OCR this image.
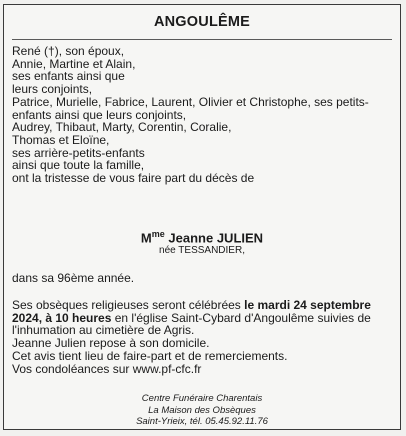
ANGOULÊME
René (†), son époux,
Annie, Martine et Alain,
ses enfants ainsi que
leurs conjoints,
Patrice, Murielle, Fabrice, Laurent, Olivier et Christophe, ses petits-
enfants ainsi que leurs conjoints,
Audrey, Thibaut, Marty, Corentin, Coralie,
Thomas et Eloïne,
ses arrière-petits-enfants
ainsi que toute la famille,
ont la tristesse de vous faire part du décès de
$M^{me}$ Jeanne JULIEN
née TESSANDIER,
dans sa 96ème année.
Ses obsèques religieuses seront célébrées le mardi 24 septembre
2024, à 10 heures en l'église Saint-Cybard d'Angoulême suivies de
l'inhumation au cimetière de Agris.
Jeanne Julien repose à son domicile.
Cet avis tient lieu de faire-part et de remerciements.
Vos condoléances sur www.pf-cfc.fr
Centre Funéraire Charentais
La Maison des Obsèques
Saint-Yrieix, tél. 05.45.92.11.76
